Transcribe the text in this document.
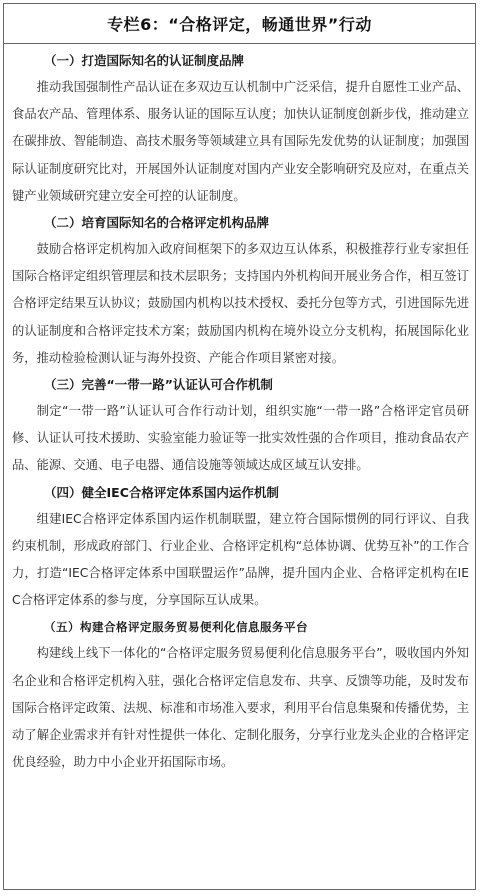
专栏6：“合格评定，畅通世界”行动
（一）打造国际知名的认证制度品牌

推动我国强制性产品认证在多双边互认机制中广泛采信，提升自愿性工业产品、食品农产品、管理体系、服务认证的国际互认度；加快认证制度创新步伐，推动建立在碳排放、智能制造、高技术服务等领域建立具有国际先发优势的认证制度；加强国际认证制度研究比对，开展国外认证制度对国内产业安全影响研究及应对，在重点关键产业领域研究建立安全可控的认证制度。

（二）培育国际知名的合格评定机构品牌

鼓励合格评定机构加入政府间框架下的多双边互认体系，积极推荐行业专家担任国际合格评定组织管理层和技术层职务；支持国内外机构间开展业务合作，相互签订合格评定结果互认协议；鼓励国内机构以技术授权、委托分包等方式，引进国际先进的认证制度和合格评定技术方案；鼓励国内机构在境外设立分支机构，拓展国际化业务，推动检验检测认证与海外投资、产能合作项目紧密对接。

（三）完善“一带一路”认证认可合作机制

制定“一带一路”认证认可合作行动计划，组织实施“一带一路”合格评定官员研修、认证认可技术援助、实验室能力验证等一批实效性强的合作项目，推动食品农产品、能源、交通、电子电器、通信设施等领域达成区域互认安排。

（四）健全IEC合格评定体系国内运作机制

组建IEC合格评定体系国内运作机制联盟，建立符合国际惯例的同行评议、自我约束机制，形成政府部门、行业企业、合格评定机构“总体协调、优势互补”的工作合力，打造“IEC合格评定体系中国联盟运作”品牌，提升国内企业、合格评定机构在IEC合格评定体系的参与度，分享国际互认成果。

（五）构建合格评定服务贸易便利化信息服务平台

构建线上线下一体化的“合格评定服务贸易便利化信息服务平台”，吸收国内外知名企业和合格评定机构入驻，强化合格评定信息发布、共享、反馈等功能，及时发布国际合格评定政策、法规、标准和市场准入要求，利用平台信息集聚和传播优势，主动了解企业需求并有针对性提供一体化、定制化服务，分享行业龙头企业的合格评定优良经验，助力中小企业开拓国际市场。
